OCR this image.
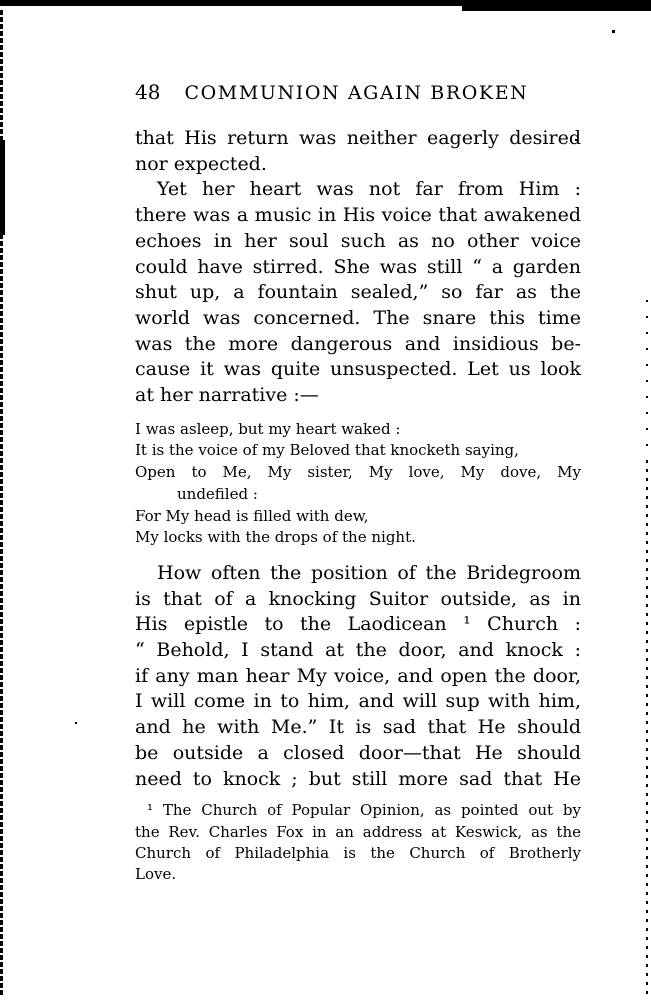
48 COMMUNION AGAIN BROKEN
that His return was neither eagerly desired
nor expected.
Yet her heart was not far from Him :
there was a music in His voice that awakened
echoes in her soul such as no other voice
could have stirred. She was still “ a garden
shut up, a fountain sealed,” so far as the
world was concerned. The snare this time
was the more dangerous and insidious be-
cause it was quite unsuspected. Let us look
at her narrative :—
I was asleep, but my heart waked :
It is the voice of my Beloved that knocketh saying,
Open to Me, My sister, My love, My dove, My
undefiled :
For My head is filled with dew,
My locks with the drops of the night.
How often the position of the Bridegroom
is that of a knocking Suitor outside, as in
His epistle to the Laodicean ¹ Church :
“ Behold, I stand at the door, and knock :
if any man hear My voice, and open the door,
I will come in to him, and will sup with him,
and he with Me.” It is sad that He should
be outside a closed door—that He should
need to knock ; but still more sad that He
¹ The Church of Popular Opinion, as pointed out by
the Rev. Charles Fox in an address at Keswick, as the
Church of Philadelphia is the Church of Brotherly
Love.
